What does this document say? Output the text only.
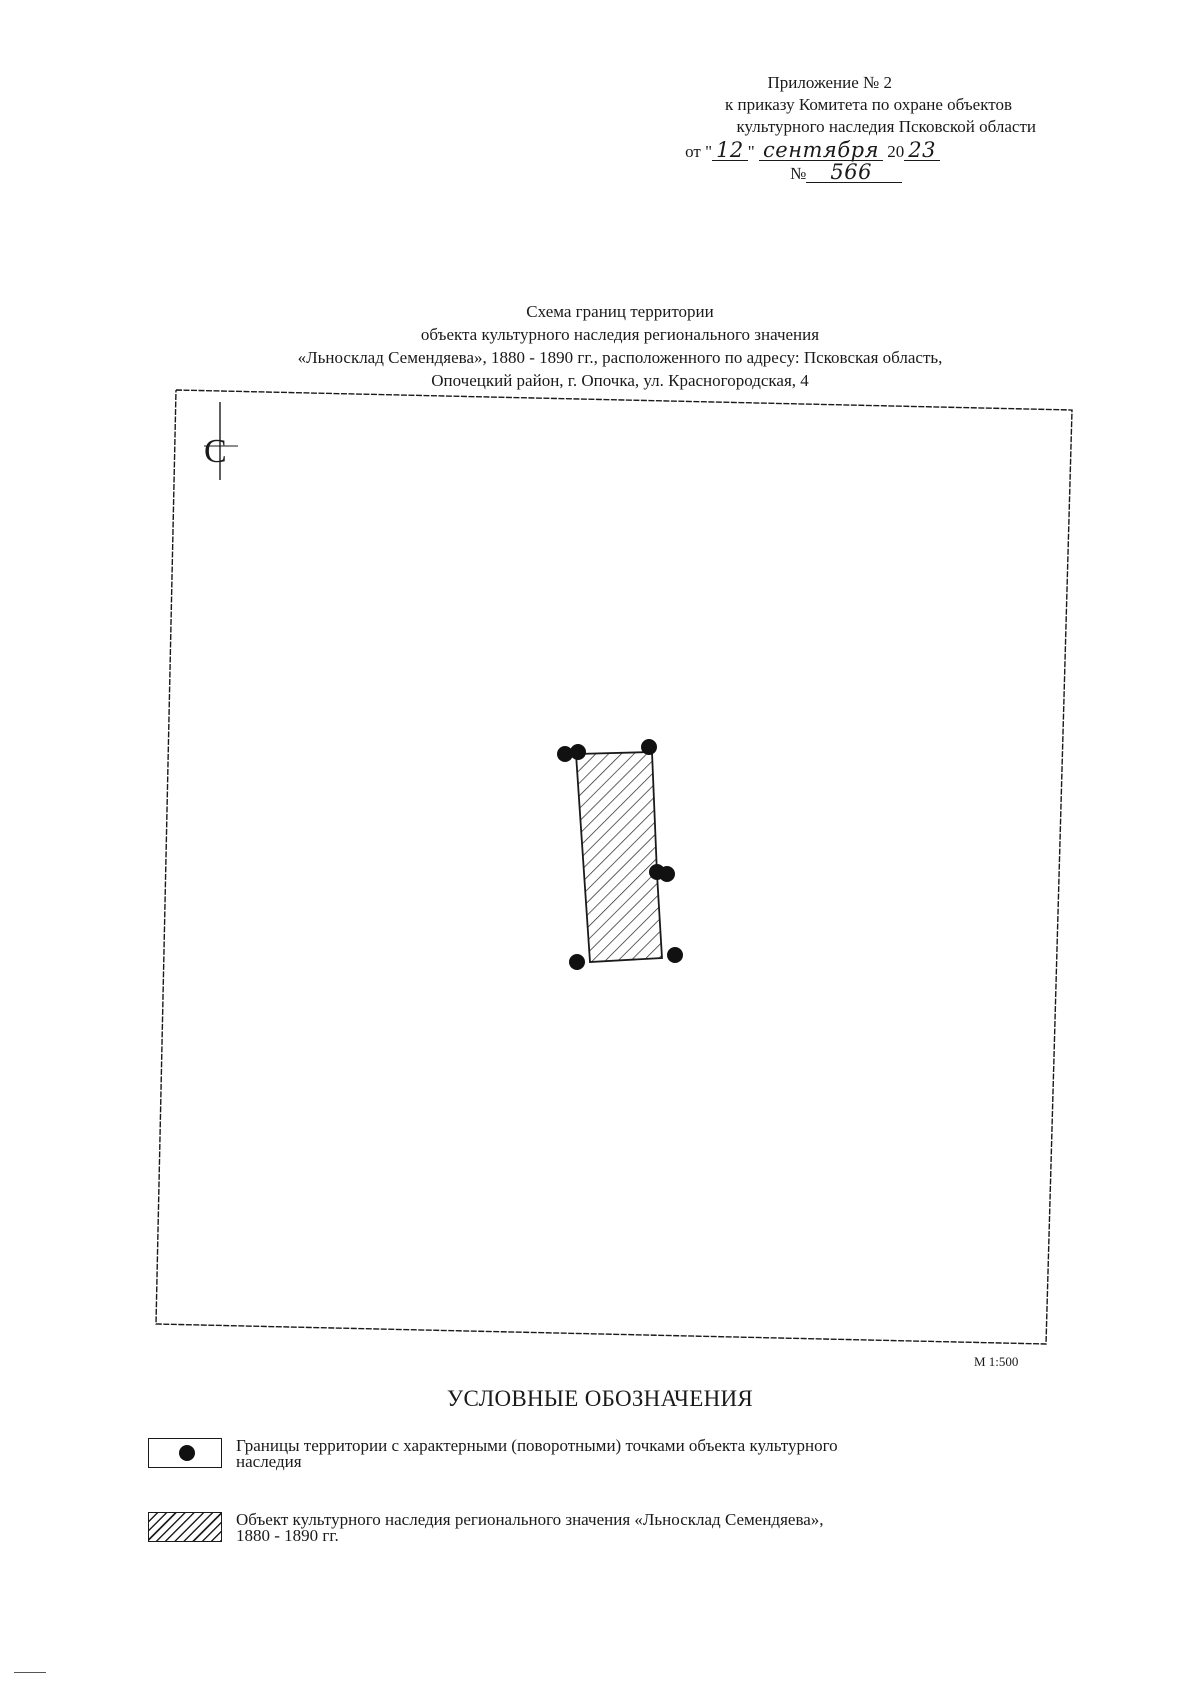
Приложение № 2
к приказу Комитета по охране объектов
культурного наследия Псковской области
от " 12 " сентября 20 23
№ 566
Схема границ территории
объекта культурного наследия регионального значения
«Льносклад Семендяева», 1880 - 1890 гг., расположенного по адресу: Псковская область,
Опочецкий район, г. Опочка, ул. Красногородская, 4
С
М 1:500
УСЛОВНЫЕ ОБОЗНАЧЕНИЯ
Границы территории с характерными (поворотными) точками объекта культурного
наследия
Объект культурного наследия регионального значения «Льносклад Семендяева»,
1880 - 1890 гг.
